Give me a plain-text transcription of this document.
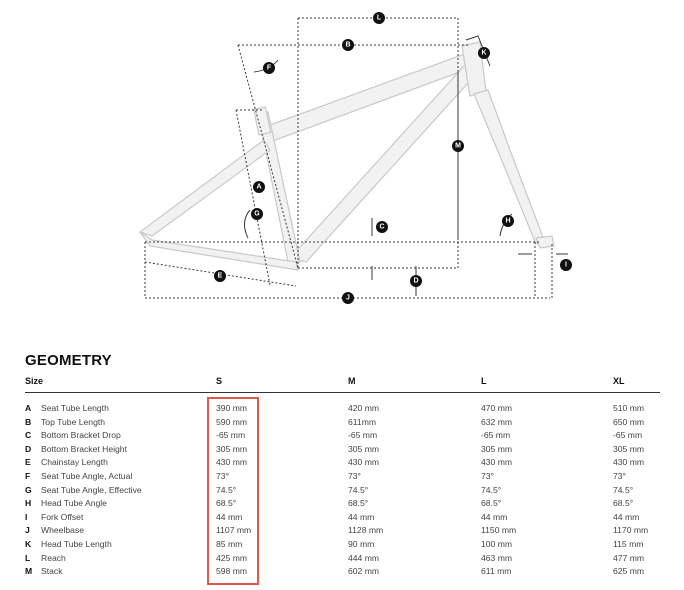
L
B
K
F
M
A
G
C
H
I
E
D
J
GEOMETRY
Size	S	M	L	XL
A	Seat Tube Length	390 mm	420 mm	470 mm	510 mm
B	Top Tube Length	590 mm	611mm	632 mm	650 mm
C	Bottom Bracket Drop	-65 mm	-65 mm	-65 mm	-65 mm
D	Bottom Bracket Height	305 mm	305 mm	305 mm	305 mm
E	Chainstay Length	430 mm	430 mm	430 mm	430 mm
F	Seat Tube Angle, Actual	73°	73°	73°	73°
G	Seat Tube Angle, Effective	74.5°	74.5°	74.5°	74.5°
H	Head Tube Angle	68.5°	68.5°	68.5°	68.5°
I	Fork Offset	44 mm	44 mm	44 mm	44 mm
J	Wheelbase	1107 mm	1128 mm	1150 mm	1170 mm
K	Head Tube Length	85 mm	90 mm	100 mm	115 mm
L	Reach	425 mm	444 mm	463 mm	477 mm
M	Stack	598 mm	602 mm	611 mm	625 mm
